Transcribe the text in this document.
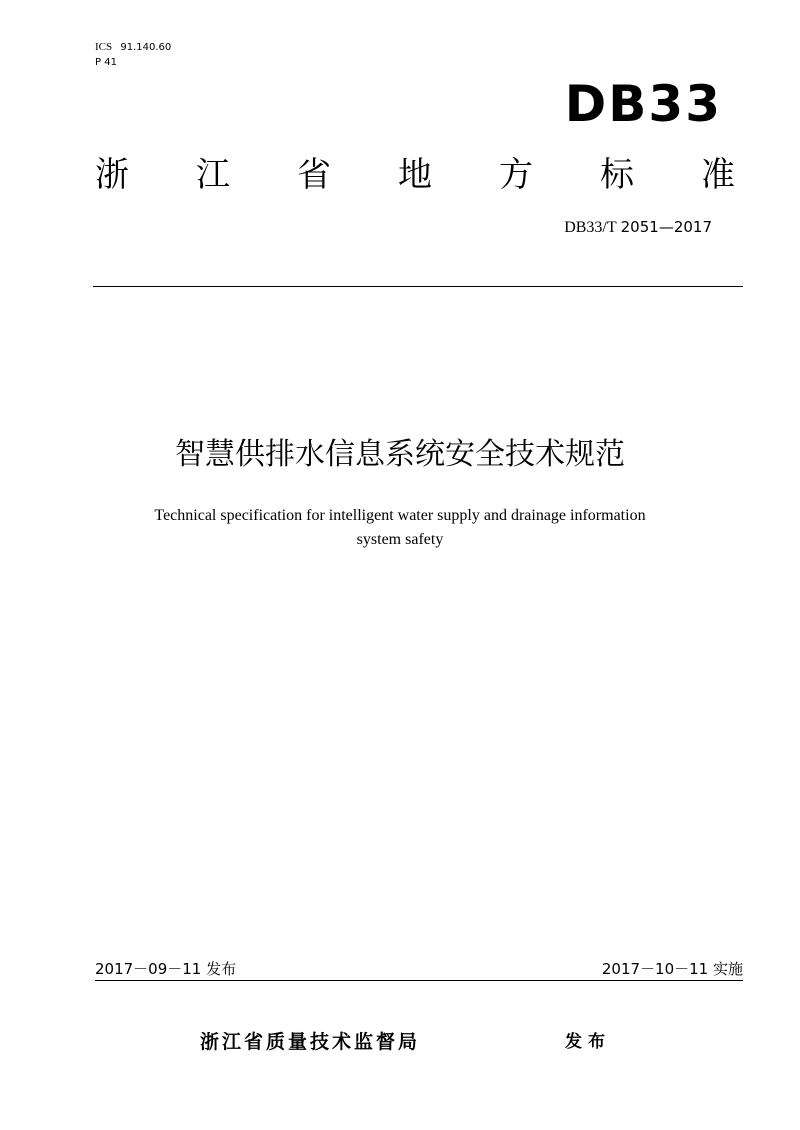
ICS 91.140.60
P 41
DB33
浙 江 省 地 方 标 准
DB33/T 2051—2017
智慧供排水信息系统安全技术规范
Technical specification for intelligent water supply and drainage information
system safety
2017－09－11 发布	2017－10－11 实施
浙江省质量技术监督局	发布
